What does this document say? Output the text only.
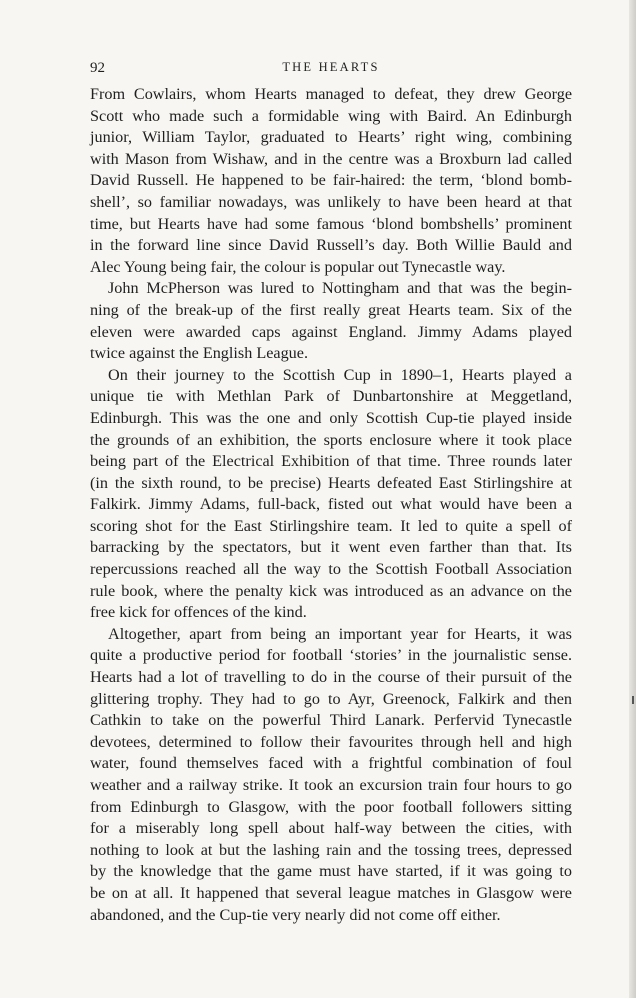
92	THE HEARTS
From Cowlairs, whom Hearts managed to defeat, they drew George
Scott who made such a formidable wing with Baird. An Edinburgh
junior, William Taylor, graduated to Hearts’ right wing, combining
with Mason from Wishaw, and in the centre was a Broxburn lad called
David Russell. He happened to be fair-haired: the term, ‘blond bomb-
shell’, so familiar nowadays, was unlikely to have been heard at that
time, but Hearts have had some famous ‘blond bombshells’ prominent
in the forward line since David Russell’s day. Both Willie Bauld and
Alec Young being fair, the colour is popular out Tynecastle way.
John McPherson was lured to Nottingham and that was the begin-
ning of the break-up of the first really great Hearts team. Six of the
eleven were awarded caps against England. Jimmy Adams played
twice against the English League.
On their journey to the Scottish Cup in 1890–1, Hearts played a
unique tie with Methlan Park of Dunbartonshire at Meggetland,
Edinburgh. This was the one and only Scottish Cup-tie played inside
the grounds of an exhibition, the sports enclosure where it took place
being part of the Electrical Exhibition of that time. Three rounds later
(in the sixth round, to be precise) Hearts defeated East Stirlingshire at
Falkirk. Jimmy Adams, full-back, fisted out what would have been a
scoring shot for the East Stirlingshire team. It led to quite a spell of
barracking by the spectators, but it went even farther than that. Its
repercussions reached all the way to the Scottish Football Association
rule book, where the penalty kick was introduced as an advance on the
free kick for offences of the kind.
Altogether, apart from being an important year for Hearts, it was
quite a productive period for football ‘stories’ in the journalistic sense.
Hearts had a lot of travelling to do in the course of their pursuit of the
glittering trophy. They had to go to Ayr, Greenock, Falkirk and then
Cathkin to take on the powerful Third Lanark. Perfervid Tynecastle
devotees, determined to follow their favourites through hell and high
water, found themselves faced with a frightful combination of foul
weather and a railway strike. It took an excursion train four hours to go
from Edinburgh to Glasgow, with the poor football followers sitting
for a miserably long spell about half-way between the cities, with
nothing to look at but the lashing rain and the tossing trees, depressed
by the knowledge that the game must have started, if it was going to
be on at all. It happened that several league matches in Glasgow were
abandoned, and the Cup-tie very nearly did not come off either.
